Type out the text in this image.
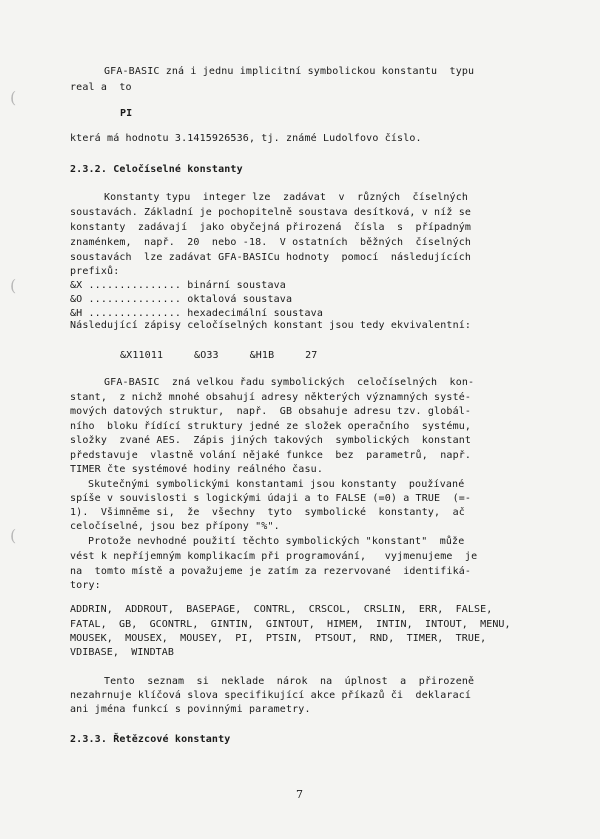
(
(
(
GFA-BASIC zná i jednu implicitní symbolickou konstantu  typu
real a  to
PI
která má hodnotu 3.1415926536, tj. známé Ludolfovo číslo.
2.3.2. Celočíselné konstanty
Konstanty typu  integer lze  zadávat  v  různých  číselných
soustavách. Základní je pochopitelně soustava desítková, v níž se
konstanty  zadávají  jako obyčejná přirozená  čísla  s  případným
znaménkem,  např.  20  nebo -18.  V ostatních  běžných  číselných
soustavách  lze zadávat GFA-BASICu hodnoty  pomocí  následujících
prefixů:
&X ............... binární soustava
&O ............... oktalová soustava
&H ............... hexadecimální soustava
Následující zápisy celočíselných konstant jsou tedy ekvivalentní:
&X11011     &O33     &H1B     27
GFA-BASIC  zná velkou řadu symbolických  celočíselných  kon-
stant,  z nichž mnohé obsahují adresy některých významných systé-
mových datových struktur,  např.  GB obsahuje adresu tzv. globál-
ního  bloku řídící struktury jedné ze složek operačního  systému,
složky  zvané AES.  Zápis jiných takových  symbolických  konstant
představuje  vlastně volání nějaké funkce  bez  parametrů,  např.
TIMER čte systémové hodiny reálného času.
Skutečnými symbolickými konstantami jsou konstanty  používané
spíše v souvislosti s logickými údaji a to FALSE (=0) a TRUE  (=-
1).  Všimněme si,  že  všechny  tyto  symbolické  konstanty,  ač
celočíselné, jsou bez přípony "%".
Protože nevhodné použití těchto symbolických "konstant"  může
vést k nepříjemným komplikacím při programování,   vyjmenujeme  je
na  tomto místě a považujeme je zatím za rezervované  identifiká-
tory:
ADDRIN,  ADDROUT,  BASEPAGE,  CONTRL,  CRSCOL,  CRSLIN,  ERR,  FALSE,
FATAL,  GB,  GCONTRL,  GINTIN,  GINTOUT,  HIMEM,  INTIN,  INTOUT,  MENU,
MOUSEK,  MOUSEX,  MOUSEY,  PI,  PTSIN,  PTSOUT,  RND,  TIMER,  TRUE,
VDIBASE,  WINDTAB
Tento  seznam  si  neklade  nárok  na  úplnost  a  přirozeně
nezahrnuje klíčová slova specifikující akce příkazů či  deklarací
ani jména funkcí s povinnými parametry.
2.3.3. Řetězcové konstanty
7
